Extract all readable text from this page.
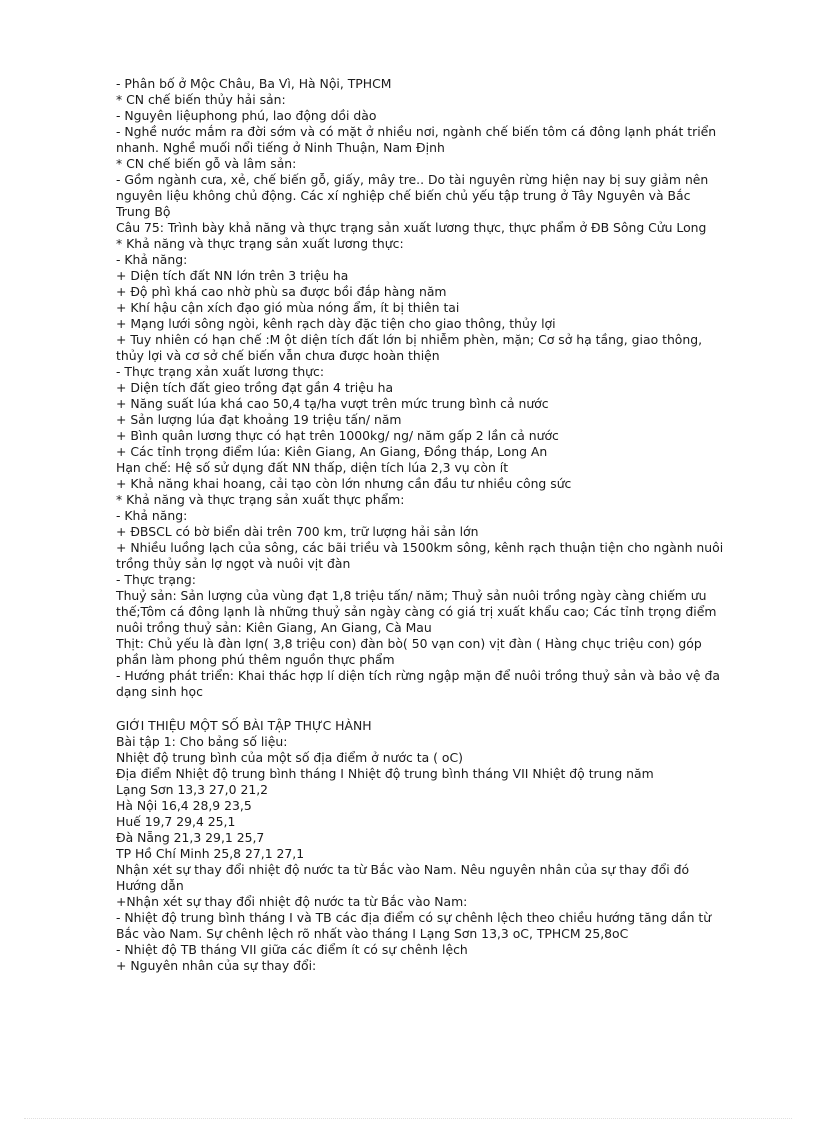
- Phân bố ở Mộc Châu, Ba Vì, Hà Nội, TPHCM
* CN chế biến thủy hải sản:
- Nguyên liệuphong phú, lao động dồi dào
- Nghề nước mắm ra đời sớm và có mặt ở nhiều nơi, ngành chế biến tôm cá đông lạnh phát triển nhanh. Nghề muối nổi tiếng ở Ninh Thuận, Nam Định
* CN chế biến gỗ và lâm sản:
- Gồm ngành cưa, xẻ, chế biến gỗ, giấy, mây tre.. Do tài nguyên rừng hiện nay bị suy giảm nên nguyên liệu không chủ động. Các xí nghiệp chế biến chủ yếu tập trung ở Tây Nguyên và Bắc Trung Bộ
Câu 75: Trình bày khả năng và thực trạng sản xuất lương thực, thực phẩm ở ĐB Sông Cửu Long
* Khả năng và thực trạng sản xuất lương thực:
- Khả năng:
+ Diện tích đất NN lớn trên 3 triệu ha
+ Độ phì khá cao nhờ phù sa được bồi đắp hàng năm
+ Khí hậu cận xích đạo gió mùa nóng ẩm, ít bị thiên tai
+ Mạng lưới sông ngòi, kênh rạch dày đặc tiện cho giao thông, thủy lợi
+ Tuy nhiên có hạn chế :M ột diện tích đất lớn bị nhiễm phèn, mặn; Cơ sở hạ tầng, giao thông, thủy lợi và cơ sở chế biến vẫn chưa được hoàn thiện
- Thực trạng xản xuất lương thực:
+ Diện tích đất gieo trồng đạt gần 4 triệu ha
+ Năng suất lúa khá cao 50,4 tạ/ha vượt trên mức trung bình cả nước
+ Sản lượng lúa đạt khoảng 19 triệu tấn/ năm
+ Bình quân lương thực có hạt trên 1000kg/ ng/ năm gấp 2 lần cả nước
+ Các tỉnh trọng điểm lúa: Kiên Giang, An Giang, Đồng tháp, Long An
Hạn chế: Hệ số sử dụng đất NN thấp, diện tích lúa 2,3 vụ còn ít
+ Khả năng khai hoang, cải tạo còn lớn nhưng cần đầu tư nhiều công sức
* Khả năng và thực trạng sản xuất thực phẩm:
- Khả năng:
+ ĐBSCL có bờ biển dài trên 700 km, trữ lượng hải sản lớn
+ Nhiều luồng lạch của sông, các bãi triều và 1500km sông, kênh rạch thuận tiện cho ngành nuôi trồng thủy sản lợ ngọt và nuôi vịt đàn
- Thực trạng:
Thuỷ sản: Sản lượng của vùng đạt 1,8 triệu tấn/ năm; Thuỷ sản nuôi trồng ngày càng chiếm ưu thế;Tôm cá đông lạnh là những thuỷ sản ngày càng có giá trị xuất khẩu cao; Các tỉnh trọng điểm nuôi trồng thuỷ sản: Kiên Giang, An Giang, Cà Mau
Thịt: Chủ yếu là đàn lợn( 3,8 triệu con) đàn bò( 50 vạn con) vịt đàn ( Hàng chục triệu con) góp phần làm phong phú thêm nguồn thực phẩm
- Hướng phát triển: Khai thác hợp lí diện tích rừng ngập mặn để nuôi trồng thuỷ sản và bảo vệ đa dạng sinh học
GIỚI THIỆU MỘT SỐ BÀI TẬP THỰC HÀNH
Bài tập 1: Cho bảng số liệu:
Nhiệt độ trung bình của một số địa điểm ở nước ta ( oC)
Địa điểm Nhiệt độ trung bình tháng I Nhiệt độ trung bình tháng VII Nhiệt độ trung năm
Lạng Sơn 13,3 27,0 21,2
Hà Nội 16,4 28,9 23,5
Huế 19,7 29,4 25,1
Đà Nẵng 21,3 29,1 25,7
TP Hồ Chí Minh 25,8 27,1 27,1
Nhận xét sự thay đổi nhiệt độ nước ta từ Bắc vào Nam. Nêu nguyên nhân của sự thay đổi đó
Hướng dẫn
+Nhận xét sự thay đổi nhiệt độ nước ta từ Bắc vào Nam:
- Nhiệt độ trung bình tháng I và TB các địa điểm có sự chênh lệch theo chiều hướng tăng dần từ Bắc vào Nam. Sự chênh lệch rõ nhất vào tháng I Lạng Sơn 13,3 oC, TPHCM 25,8oC
- Nhiệt độ TB tháng VII giữa các điểm ít có sự chênh lệch
+ Nguyên nhân của sự thay đổi:
